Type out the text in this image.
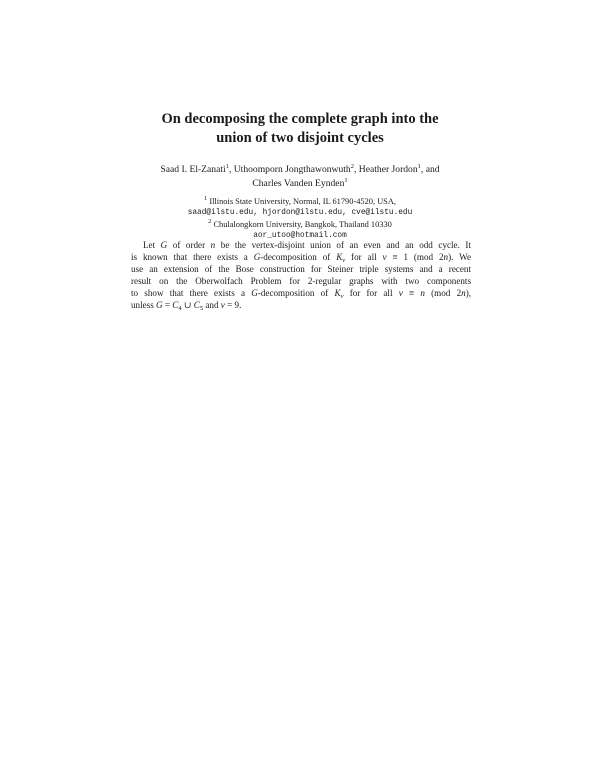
On decomposing the complete graph into the
union of two disjoint cycles
Saad I. El-Zanati$^1$, Uthoomporn Jongthawonwuth$^2$, Heather Jordon$^1$, and
Charles Vanden Eynden$^1$
$^1$ Illinois State University, Normal, IL 61790-4520, USA,
saad@ilstu.edu, hjordon@ilstu.edu, cve@ilstu.edu
$^2$ Chulalongkorn University, Bangkok, Thailand 10330
aor_utoo@hotmail.com
Let G of order n be the vertex-disjoint union of an even and an odd cycle. It
is known that there exists a G-decomposition of $K_v$ for all v ≡ 1 (mod 2n). We
use an extension of the Bose construction for Steiner triple systems and a recent
result on the Oberwolfach Problem for 2-regular graphs with two components
to show that there exists a G-decomposition of $K_v$ for for all v ≡ n (mod 2n),
unless $G = C_4$ ∪ $C_5$ and v = 9.
